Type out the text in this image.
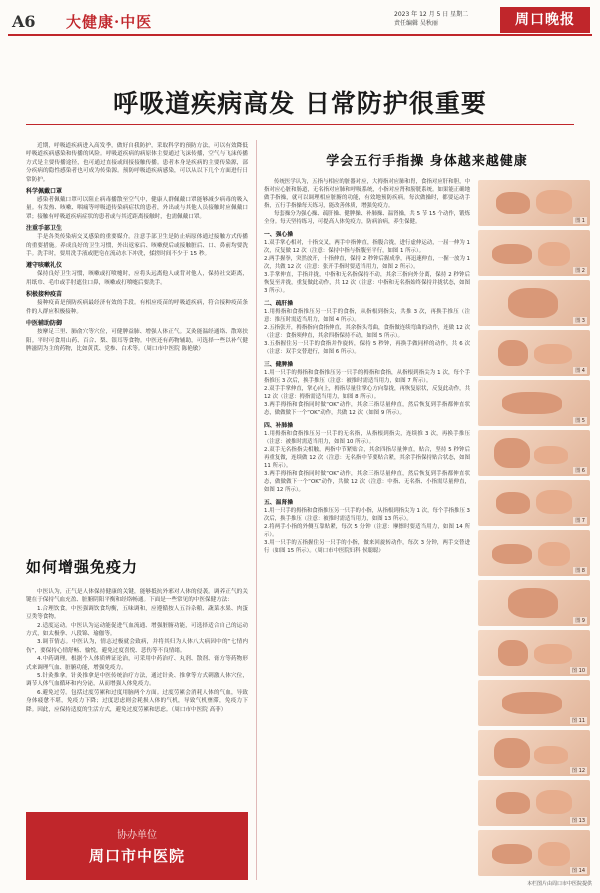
A6 大健康·中医	2023 年 12 月 5 日 星期二
责任编辑 吴秋丽	周口晚报
呼吸道疾病高发 日常防护很重要

近期，呼吸道疾病进入高发季，做好自我防护，采取科学的预防方法，可以有效降低呼吸道疾病感染和传播的风险。呼吸道疾病的病原体主要通过飞沫传播，空气与飞沫传播方式是主要传播途径，也可通过直接或间接接触传播。患者本身是疾病的主要传染源，部分疾病的隐性感染者也可成为传染源。预防呼吸道疾病感染，可以从以下几个方面进行日常防护。

科学佩戴口罩

感染者佩戴口罩可以阻止病毒播散至空气中，健康人群佩戴口罩能够减少病毒的吸入量。有发热、咳嗽、咽痛等呼吸道传染病症状的患者，外出或与其他人员接触时应佩戴口罩；接触有呼吸道疾病症状的患者或与其近距离接触时，也需佩戴口罩。

注重手部卫生

手是各类传染病交叉感染的重要媒介。注意手部卫生是防止病原体通过接触方式传播的重要措施。养成良好的卫生习惯，外出返家后、咳嗽便后或接触脏后、口、鼻前均要洗手。洗手时，要用洗手液或肥皂在流动水下冲洗，揉搓时间不少于 15 秒。

遵守咳嗽礼仪

保持良好卫生习惯，咳嗽或打喷嚏时，应将头远离他人或背对他人，保持社交距离，用纸巾、毛巾或手肘遮住口鼻，咳嗽或打喷嚏后要洗手。

积极接种疫苗

接种疫苗是预防疾病最经济有效的手段。有相应疫苗的呼吸道疾病，符合接种疫苗条件的人群应积极接种。

中医辅助防御

按摩足三里、肺俞穴等穴位，可健脾益肺、增强人体正气。艾灸能温经通络、散寒扶阳。平时可食用山药、百合、梨、银耳等食物。中医还有药物辅助，可选择一些以补气健脾滋阴为主的药物，比如黄芪、党参、白术等。（周口市中医院 陈艳敏）

如何增强免疫力

中医认为，正气是人体保持健康的关键，能够抵抗外邪对人体的侵袭。调养正气的关键在于保持气血充盈、脏腑阴阳平衡和经络畅通。下面是一些常见的中医保健方法：

1.合理饮食。中医强调饮食均衡，五味调和，应遵循按人五谷杂粮、蔬菜水果、肉蛋豆类等食物。

2.适度运动。中医认为运动能促进气血流通、增强脏腑功能，可选择适合自己的运动方式，如太极拳、八段锦、瑜伽等。

3.调节情志。中医认为，情志过极就会致病，并将其归为人体八大病因中的“七情内伤”，要保持心情舒畅、愉悦，避免过度喜悦、悲伤等不良情绪。

4.中药调理。根据个人体质辨证论治，可采用中药治疗、丸剂、散剂、膏方等药物形式来调理气血、脏腑功能，增强免疫力。

5.针灸推拿。针灸推拿是中医传统治疗方法，通过针灸、推拿等方式刺激人体穴位，调节人体气血循环和内分泌，从而增强人体免疫力。

6.避免过劳。包括过度劳累和过度用脑两个方面。过度劳累会消耗人体的气血，导致身体疲惫不堪，免疫力下降；过度思虑则会耗损人体的气机，导致气机壅滞，免疫力下降。因此，应保持适度的生活方式，避免过度劳累和思虑。（周口市中医院 高菲）

协办单位
周口市中医院
学会五行手指操 身体越来越健康

传统医学认为，五指与相应的脏器对应，大拇指对应肺和胃，食指对应肝和胆，中指对应心脏和肠道，无名指对应肺和呼吸系统，小指对应肾和膀胱系统。如果能正确地做手指操，就可以调理相应脏腑的功能，有效地预防疾病。每次做操时，都要运动手指，五行手指操每天练习，能改善体质，增强免疫力。

每套操分为强心操、疏肝操、健脾操、补肺操、温肾操，共 5 节 15 个动作，锻炼全身。每天坚持练习，可提高人体免疫力，防病治病，养生保健。

一、强心操

1.双手掌心相对，十指交叉，两手中指伸直，指腹合拢，进行虚伸运动，一屈一伸为 1 次，反复做 12 次（注意：保持中指与指腹至平行，如图 1 所示）。

2.两手握拳，突然放开，十指伸直，保持 2 秒钟后握成拳，再迅速伸直，一握一放为 1 次，共做 12 次（注意：张开手指时要适当用力，如图 2 所示）。

3.手掌伸直，手指并拢，中指和无名指保持不动，其余三指向外分离，保持 2 秒钟后恢复至并拢，重复做此动作，共 12 次（注意：中指和无名指始终保持并拢状态，如图 3 所示）。

二、疏肝操

1.用拇指和食指推压另一只手的食指，从指根到指尖，共推 3 次，再换手推压（注意：推压时需适当用力，如图 4 所示）。

2.五指张开，拇指指向食指伸直，其余指头弯曲，食指做连续弯曲的动作，连做 12 次（注意：食指须伸直，其余四指保持不动，如图 5 所示）。

3.五指握住另一只手的食指并作旋转，保持 5 秒钟，再换手做同样的动作，共 6 次（注意：双手交替进行，如图 6 所示）。

三、健脾操

1.用一只手的拇指和食指推压另一只手的拇指和食指，从指根到指尖为 1 次，每个手指推压 3 次后，换手推压（注意：被推时需适当用力，如图 7 所示）。

2.双手手掌伸直，掌心向上，拇指尽量往掌心方向靠拢，再恢复原状，反复此动作，共 12 次（注意：拇指需适当用力，如图 8 所示）。

3.两手拇指和食指同时做“OK”动作，其余三指尽量伸直，然后恢复到手指都伸直状态，做做做下一个“OK”动作，共做 12 次（如图 9 所示）。

四、补肺操

1.用拇指和食指推压另一只手的无名指，从指根到指尖，连续推 3 次，再换手推压（注意：被推时需适当用力，如图 10 所示）。

2.双手无名指指尖相触，两指中节紧贴合，其余四指尽量伸直，贴合，坚持 5 秒钟后再重复做，连续做 12 次（注意：无名指中节要贴合紧，其余手指保持贴合状态，如图 11 所示）。

3.两手拇指和食指同时做“OK”动作，其余三指尽量伸直，然后恢复到手指都伸直状态，做做做下一个“OK”动作，共做 12 次（注意：中指、无名指、小指需尽量伸直，如图 12 所示）。

五、温肾操

1.用一只手的拇指和食指推压另一只手的小指，从指根到指尖为 1 次，每个手指推压 3 次后，换手推压（注意：被推时需适当用力，如图 13 所示）。

2.将两手小指的外侧互靠贴紧，每次 5 分钟（注意：摩擦时要适当用力，如图 14 所示）。

3.用一只手的五指握住另一只手的小指，做来回旋转动作，每次 3 分钟，两手交替进行（如图 15 所示）。（周口市中医院妇科 侯聪聪）

图 1
图 2
图 3
图 4
图 5
图 6
图 7
图 8
图 9
图 10
图 11
图 12
图 13
图 14
本栏图片由周口市中医院提供
